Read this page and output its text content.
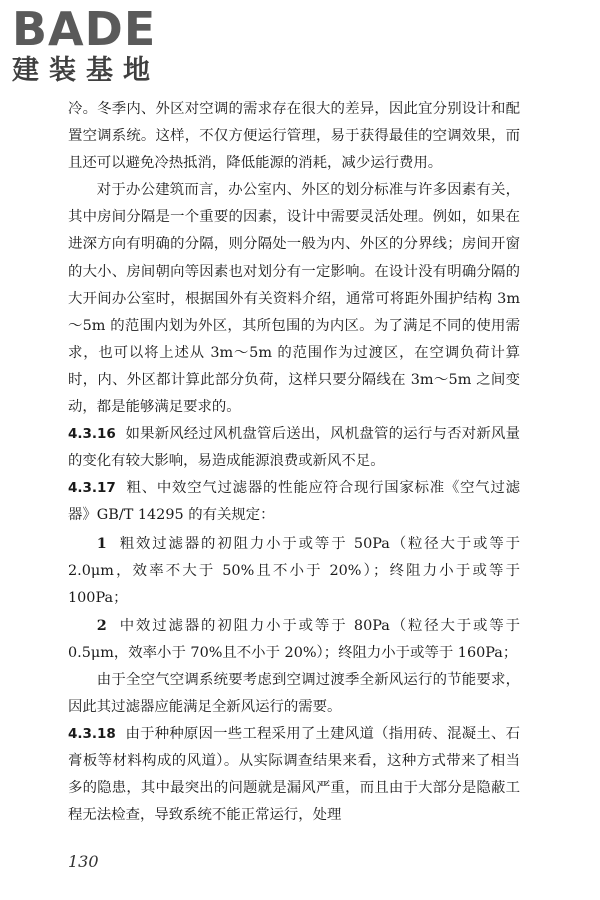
BADE
建装基地

冷。冬季内、外区对空调的需求存在很大的差异，因此宜分别设计和配置空调系统。这样，不仅方便运行管理，易于获得最佳的空调效果，而且还可以避免冷热抵消，降低能源的消耗，减少运行费用。

对于办公建筑而言，办公室内、外区的划分标准与许多因素有关，其中房间分隔是一个重要的因素，设计中需要灵活处理。例如，如果在进深方向有明确的分隔，则分隔处一般为内、外区的分界线；房间开窗的大小、房间朝向等因素也对划分有一定影响。在设计没有明确分隔的大开间办公室时，根据国外有关资料介绍，通常可将距外围护结构 3m～5m 的范围内划为外区，其所包围的为内区。为了满足不同的使用需求，也可以将上述从 3m～5m 的范围作为过渡区，在空调负荷计算时，内、外区都计算此部分负荷，这样只要分隔线在 3m～5m 之间变动，都是能够满足要求的。

4.3.16 如果新风经过风机盘管后送出，风机盘管的运行与否对新风量的变化有较大影响，易造成能源浪费或新风不足。

4.3.17 粗、中效空气过滤器的性能应符合现行国家标准《空气过滤器》GB/T 14295 的有关规定：

1 粗效过滤器的初阻力小于或等于 50Pa（粒径大于或等于 2.0μm，效率不大于 50%且不小于 20%）；终阻力小于或等于 100Pa；

2 中效过滤器的初阻力小于或等于 80Pa（粒径大于或等于 0.5μm，效率小于 70%且不小于 20%）；终阻力小于或等于 160Pa；

由于全空气空调系统要考虑到空调过渡季全新风运行的节能要求，因此其过滤器应能满足全新风运行的需要。

4.3.18 由于种种原因一些工程采用了土建风道（指用砖、混凝土、石膏板等材料构成的风道）。从实际调查结果来看，这种方式带来了相当多的隐患，其中最突出的问题就是漏风严重，而且由于大部分是隐蔽工程无法检查，导致系统不能正常运行，处理

130
